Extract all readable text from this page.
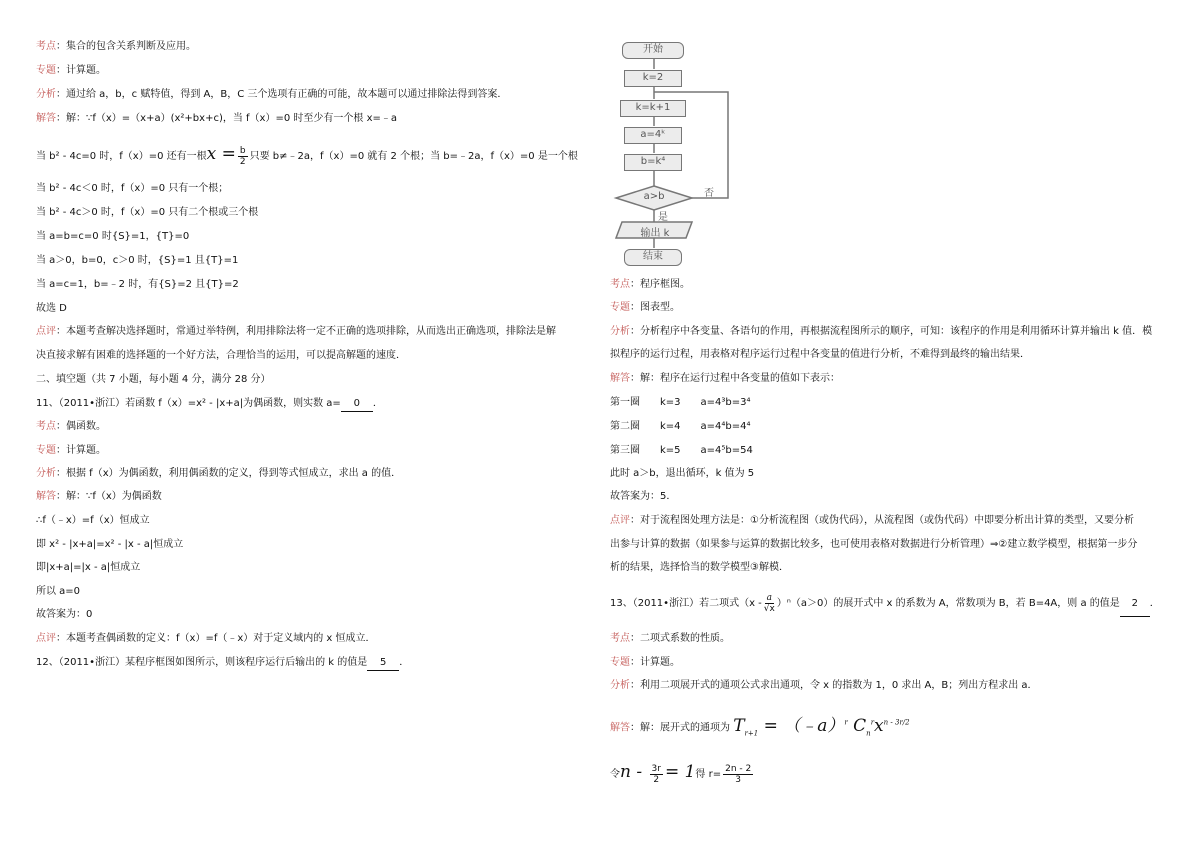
考点：集合的包含关系判断及应用。
专题：计算题。
分析：通过给 a，b，c 赋特值，得到 A，B，C 三个选项有正确的可能，故本题可以通过排除法得到答案．
解答：解：∵f（x）=（x+a）(x²+bx+c)，当 f（x）=0 时至少有一个根 x=﹣a
当 b² - 4c=0 时，f（x）=0 还有一根$x = \frac{b}{2}$ 只要 b≠﹣2a，f（x）=0 就有 2 个根；当 b=﹣2a，f（x）=0 是一个根
当 b² - 4c＜0 时，f（x）=0 只有一个根；
当 b² - 4c＞0 时，f（x）=0 只有二个根或三个根
当 a=b=c=0 时{S}=1，{T}=0
当 a＞0，b=0，c＞0 时，{S}=1 且{T}=1
当 a=c=1，b=﹣2 时，有{S}=2 且{T}=2
故选 D
点评：本题考查解决选择题时，常通过举特例，利用排除法将一定不正确的选项排除，从而选出正确选项，排除法是解
决直接求解有困难的选择题的一个好方法，合理恰当的运用，可以提高解题的速度．
二、填空题（共 7 小题，每小题 4 分，满分 28 分）
11、（2011•浙江）若函数 f（x）=x² - |x+a|为偶函数，则实数 a= 0 ．
考点：偶函数。
专题：计算题。
分析：根据 f（x）为偶函数，利用偶函数的定义，得到等式恒成立，求出 a 的值．
解答：解：∵f（x）为偶函数
∴f（﹣x）=f（x）恒成立
即 x² - |x+a|=x² - |x - a|恒成立
即|x+a|=|x - a|恒成立
所以 a=0
故答案为：0
点评：本题考查偶函数的定义：f（x）=f（﹣x）对于定义域内的 x 恒成立．
12、（2011•浙江）某程序框图如图所示，则该程序运行后输出的 k 的值是 5 ．
开始
k=2
k=k+1
a=4ᵏ
b=k⁴
a>b	否
是
输出 k
结束
考点：程序框图。
专题：图表型。
分析：分析程序中各变量、各语句的作用，再根据流程图所示的顺序，可知：该程序的作用是利用循环计算并输出 k 值．模
拟程序的运行过程，用表格对程序运行过程中各变量的值进行分析，不难得到最终的输出结果．
解答：解：程序在运行过程中各变量的值如下表示：
第一圈　　k=3　　a=4³b=3⁴
第二圈　　k=4　　a=4⁴b=4⁴
第三圈　　k=5　　a=4⁵b=54
此时 a＞b，退出循环，k 值为 5
故答案为：5．
点评：对于流程图处理方法是：①分析流程图（或伪代码），从流程图（或伪代码）中即要分析出计算的类型，又要分析
出参与计算的数据（如果参与运算的数据比较多，也可使用表格对数据进行分析管理）⇒②建立数学模型，根据第一步分
析的结果，选择恰当的数学模型③解模．
13、（2011•浙江）若二项式$(x - \frac{a}{√x} )^n(a>0)$的展开式中 x 的系数为 A，常数项为 B，若 B=4A，则 a 的值是 2 ．
考点：二项式系数的性质。
专题：计算题。
分析：利用二项展开式的通项公式求出通项，令 x 的指数为 1，0 求出 A，B；列出方程求出 a．
解答：解：展开式的通项为 $T_{r+1}$ = （﹣a）$^r$ $C_n^rx^{n - 3r/2}$
令$n - \frac{3r}{2} = 1$得 $r= \frac{2n - 2}{3}$
